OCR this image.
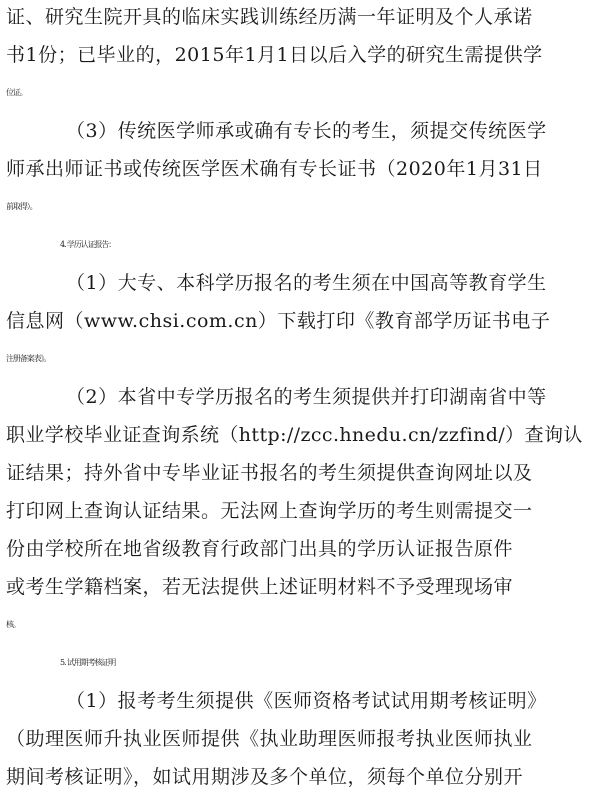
证、研究生院开具的临床实践训练经历满一年证明及个人承诺
书1份；已毕业的，2015年1月1日以后入学的研究生需提供学
位证。
（3）传统医学师承或确有专长的考生，须提交传统医学
师承出师证书或传统医学医术确有专长证书（2020年1月31日
前取得）。
4. 学历认证报告：
（1）大专、本科学历报名的考生须在中国高等教育学生
信息网（www.chsi.com.cn）下载打印《教育部学历证书电子
注册备案表》。
（2）本省中专学历报名的考生须提供并打印湖南省中等
职业学校毕业证查询系统（http://zcc.hnedu.cn/zzfind/）查询认
证结果；持外省中专毕业证书报名的考生须提供查询网址以及
打印网上查询认证结果。无法网上查询学历的考生则需提交一
份由学校所在地省级教育行政部门出具的学历认证报告原件
或考生学籍档案，若无法提供上述证明材料不予受理现场审
核。
5. 试用期考核证明
（1）报考考生须提供《医师资格考试试用期考核证明》
（助理医师升执业医师提供《执业助理医师报考执业医师执业
期间考核证明》，如试用期涉及多个单位，须每个单位分别开
